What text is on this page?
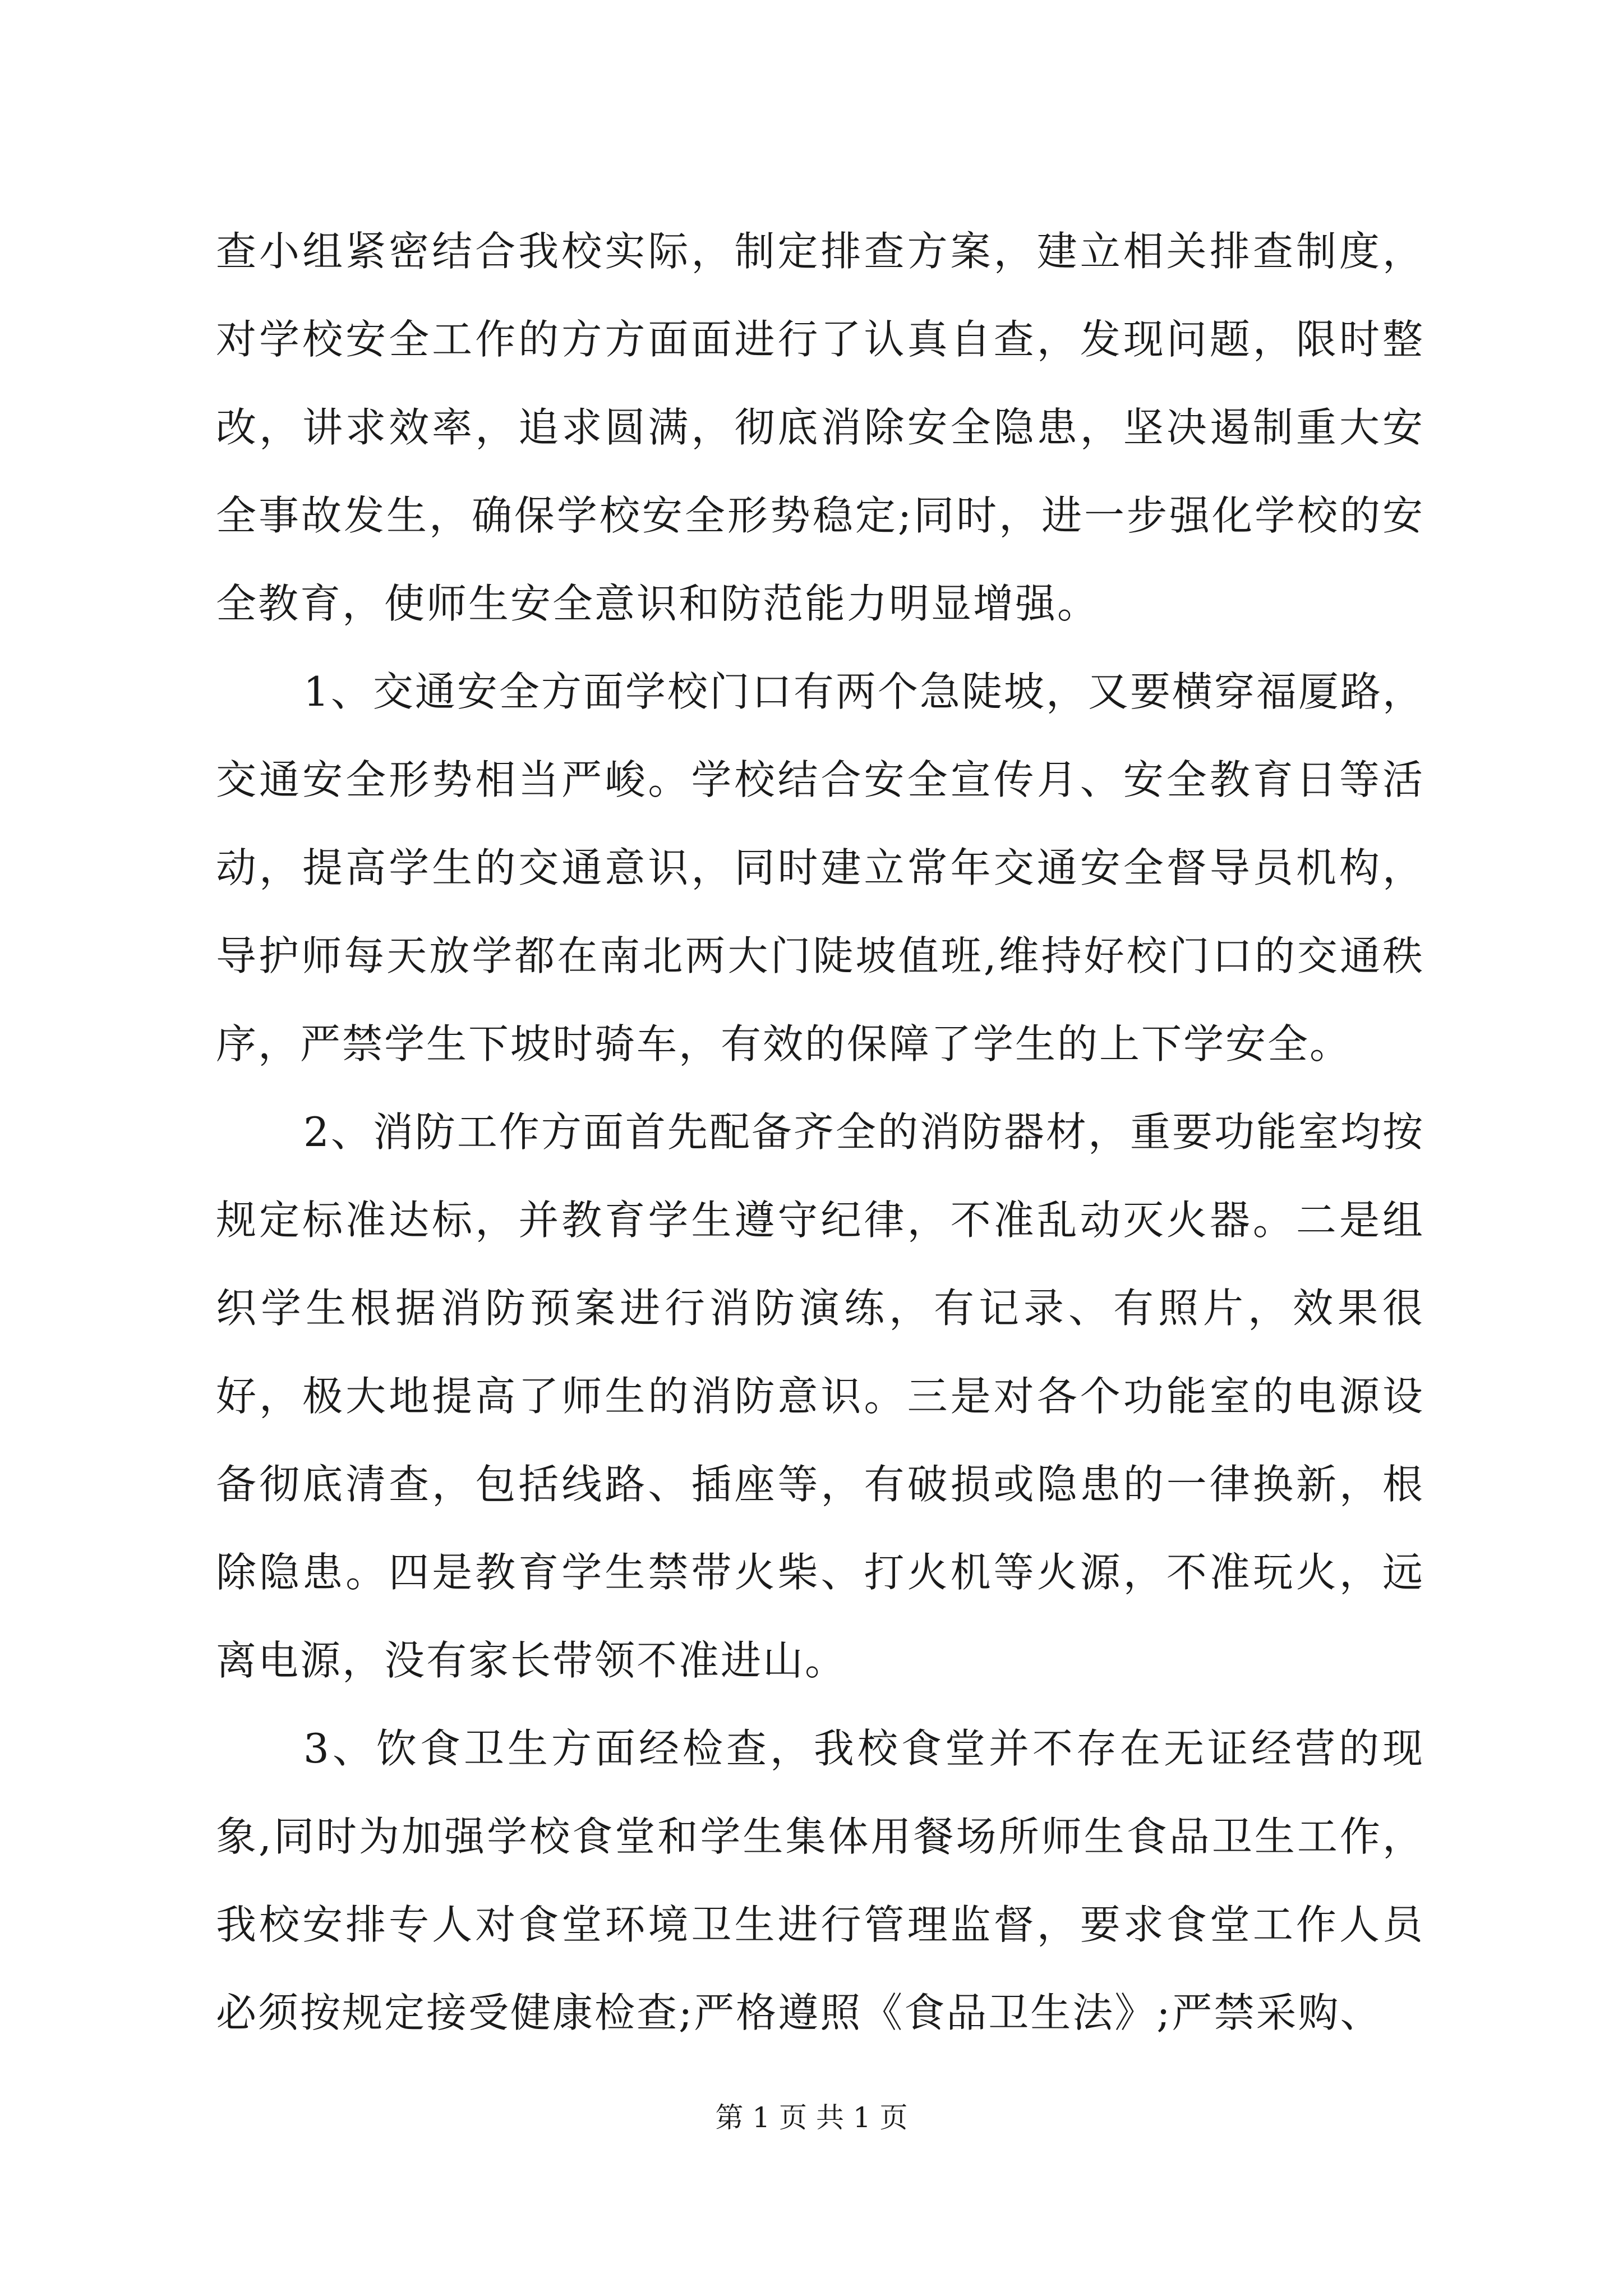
查小组紧密结合我校实际，制定排查方案，建立相关排查制度，对学校安全工作的方方面面进行了认真自查，发现问题，限时整改，讲求效率，追求圆满，彻底消除安全隐患，坚决遏制重大安全事故发生，确保学校安全形势稳定;同时，进一步强化学校的安全教育，使师生安全意识和防范能力明显增强。

1、交通安全方面学校门口有两个急陡坡，又要横穿福厦路，交通安全形势相当严峻。学校结合安全宣传月、安全教育日等活动，提高学生的交通意识，同时建立常年交通安全督导员机构，导护师每天放学都在南北两大门陡坡值班,维持好校门口的交通秩序，严禁学生下坡时骑车，有效的保障了学生的上下学安全。

2、消防工作方面首先配备齐全的消防器材，重要功能室均按规定标准达标，并教育学生遵守纪律，不准乱动灭火器。二是组织学生根据消防预案进行消防演练，有记录、有照片，效果很好，极大地提高了师生的消防意识。三是对各个功能室的电源设备彻底清查，包括线路、插座等，有破损或隐患的一律换新，根除隐患。四是教育学生禁带火柴、打火机等火源，不准玩火，远离电源，没有家长带领不准进山。

3、饮食卫生方面经检查，我校食堂并不存在无证经营的现象,同时为加强学校食堂和学生集体用餐场所师生食品卫生工作，我校安排专人对食堂环境卫生进行管理监督，要求食堂工作人员必须按规定接受健康检查;严格遵照《食品卫生法》;严禁采购、

第 1 页 共 1 页
